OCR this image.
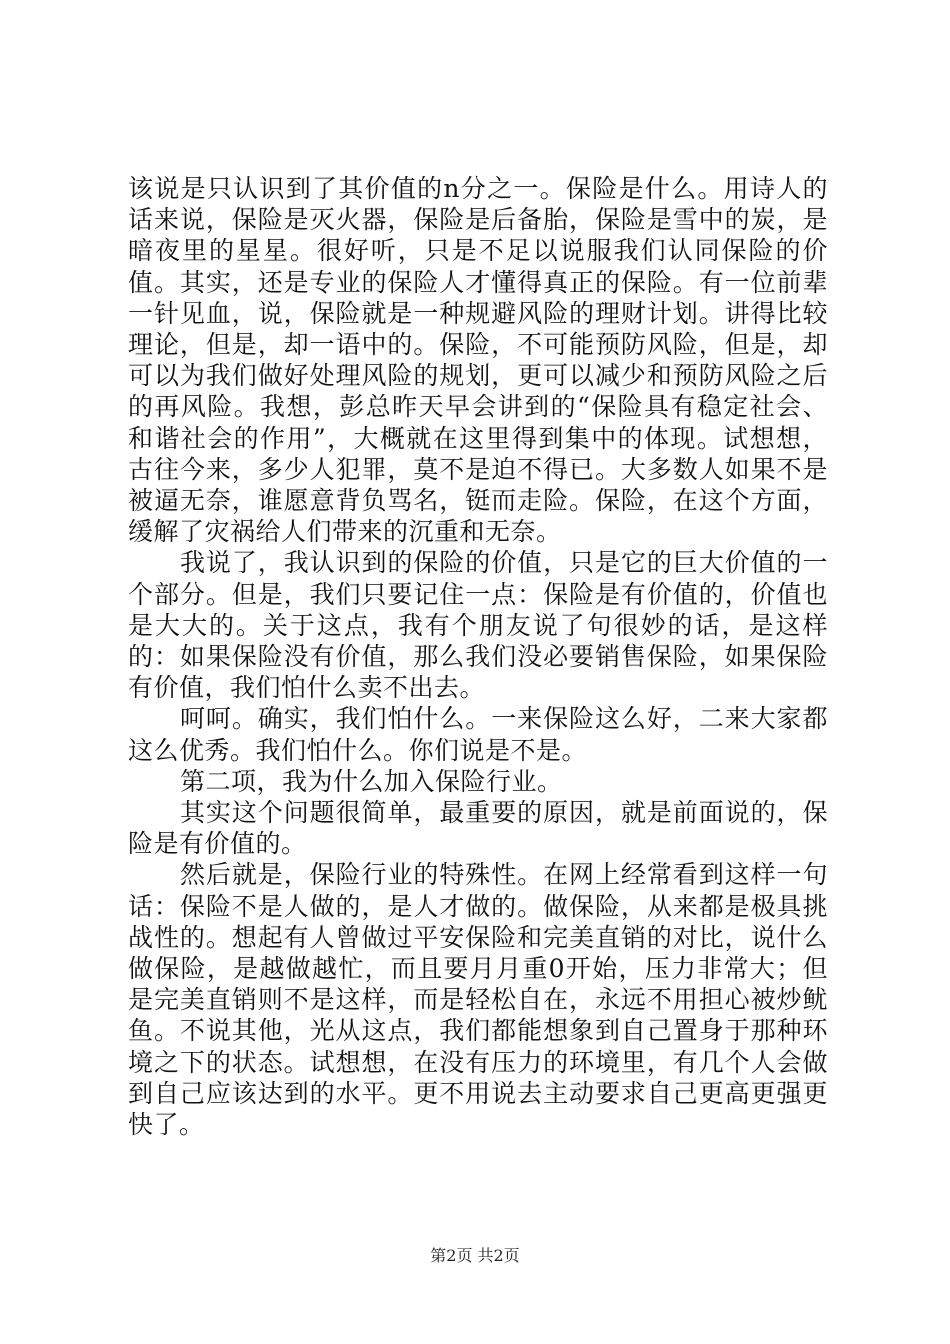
该说是只认识到了其价值的n分之一。保险是什么。用诗人的话来说，保险是灭火器，保险是后备胎，保险是雪中的炭，是暗夜里的星星。很好听，只是不足以说服我们认同保险的价值。其实，还是专业的保险人才懂得真正的保险。有一位前辈一针见血，说，保险就是一种规避风险的理财计划。讲得比较理论，但是，却一语中的。保险，不可能预防风险，但是，却可以为我们做好处理风险的规划，更可以减少和预防风险之后的再风险。我想，彭总昨天早会讲到的“保险具有稳定社会、和谐社会的作用”，大概就在这里得到集中的体现。试想想，古往今来，多少人犯罪，莫不是迫不得已。大多数人如果不是被逼无奈，谁愿意背负骂名，铤而走险。保险，在这个方面，缓解了灾祸给人们带来的沉重和无奈。

我说了，我认识到的保险的价值，只是它的巨大价值的一个部分。但是，我们只要记住一点：保险是有价值的，价值也是大大的。关于这点，我有个朋友说了句很妙的话，是这样的：如果保险没有价值，那么我们没必要销售保险，如果保险有价值，我们怕什么卖不出去。

呵呵。确实，我们怕什么。一来保险这么好，二来大家都这么优秀。我们怕什么。你们说是不是。

第二项，我为什么加入保险行业。

其实这个问题很简单，最重要的原因，就是前面说的，保险是有价值的。

然后就是，保险行业的特殊性。在网上经常看到这样一句话：保险不是人做的，是人才做的。做保险，从来都是极具挑战性的。想起有人曾做过平安保险和完美直销的对比，说什么做保险，是越做越忙，而且要月月重0开始，压力非常大；但是完美直销则不是这样，而是轻松自在，永远不用担心被炒鱿鱼。不说其他，光从这点，我们都能想象到自己置身于那种环境之下的状态。试想想，在没有压力的环境里，有几个人会做到自己应该达到的水平。更不用说去主动要求自己更高更强更快了。

第2页 共2页
